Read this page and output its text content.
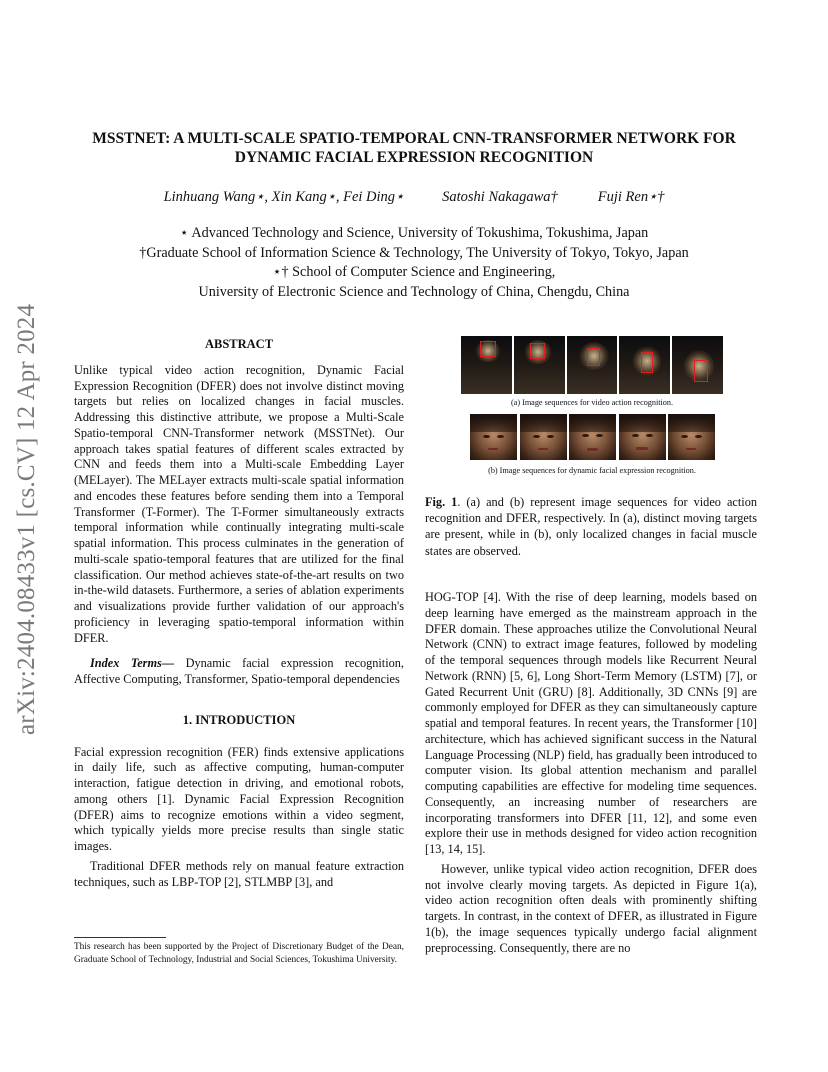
arXiv:2404.08433v1 [cs.CV] 12 Apr 2024
MSSTNET: A MULTI-SCALE SPATIO-TEMPORAL CNN-TRANSFORMER NETWORK FOR
DYNAMIC FACIAL EXPRESSION RECOGNITION
Linhuang Wang⋆, Xin Kang⋆, Fei Ding⋆	Satoshi Nakagawa†	Fuji Ren⋆†
⋆ Advanced Technology and Science, University of Tokushima, Tokushima, Japan
†Graduate School of Information Science & Technology, The University of Tokyo, Tokyo, Japan
⋆† School of Computer Science and Engineering,
University of Electronic Science and Technology of China, Chengdu, China

ABSTRACT

Unlike typical video action recognition, Dynamic Facial Expression Recognition (DFER) does not involve distinct moving targets but relies on localized changes in facial muscles. Addressing this distinctive attribute, we propose a Multi-Scale Spatio-temporal CNN-Transformer network (MSSTNet). Our approach takes spatial features of different scales extracted by CNN and feeds them into a Multi-scale Embedding Layer (MELayer). The MELayer extracts multi-scale spatial information and encodes these features before sending them into a Temporal Transformer (T-Former). The T-Former simultaneously extracts temporal information while continually integrating multi-scale spatial information. This process culminates in the generation of multi-scale spatio-temporal features that are utilized for the final classification. Our method achieves state-of-the-art results on two in-the-wild datasets. Furthermore, a series of ablation experiments and visualizations provide further validation of our approach's proficiency in leveraging spatio-temporal information within DFER.

Index Terms— Dynamic facial expression recognition, Affective Computing, Transformer, Spatio-temporal dependencies

1. INTRODUCTION

Facial expression recognition (FER) finds extensive applications in daily life, such as affective computing, human-computer interaction, fatigue detection in driving, and emotional robots, among others [1]. Dynamic Facial Expression Recognition (DFER) aims to recognize emotions within a video segment, which typically yields more precise results than single static images.

Traditional DFER methods rely on manual feature extraction techniques, such as LBP-TOP [2], STLMBP [3], and

This research has been supported by the Project of Discretionary Budget of the Dean, Graduate School of Technology, Industrial and Social Sciences, Tokushima University.
(a) Image sequences for video action recognition.
(b) Image sequences for dynamic facial expression recognition.
Fig. 1. (a) and (b) represent image sequences for video action recognition and DFER, respectively. In (a), distinct moving targets are present, while in (b), only localized changes in facial muscle states are observed.

HOG-TOP [4]. With the rise of deep learning, models based on deep learning have emerged as the mainstream approach in the DFER domain. These approaches utilize the Convolutional Neural Network (CNN) to extract image features, followed by modeling of the temporal sequences through models like Recurrent Neural Network (RNN) [5, 6], Long Short-Term Memory (LSTM) [7], or Gated Recurrent Unit (GRU) [8]. Additionally, 3D CNNs [9] are commonly employed for DFER as they can simultaneously capture spatial and temporal features. In recent years, the Transformer [10] architecture, which has achieved significant success in the Natural Language Processing (NLP) field, has gradually been introduced to computer vision. Its global attention mechanism and parallel computing capabilities are effective for modeling time sequences. Consequently, an increasing number of researchers are incorporating transformers into DFER [11, 12], and some even explore their use in methods designed for video action recognition [13, 14, 15].

However, unlike typical video action recognition, DFER does not involve clearly moving targets. As depicted in Figure 1(a), video action recognition often deals with prominently shifting targets. In contrast, in the context of DFER, as illustrated in Figure 1(b), the image sequences typically undergo facial alignment preprocessing. Consequently, there are no
